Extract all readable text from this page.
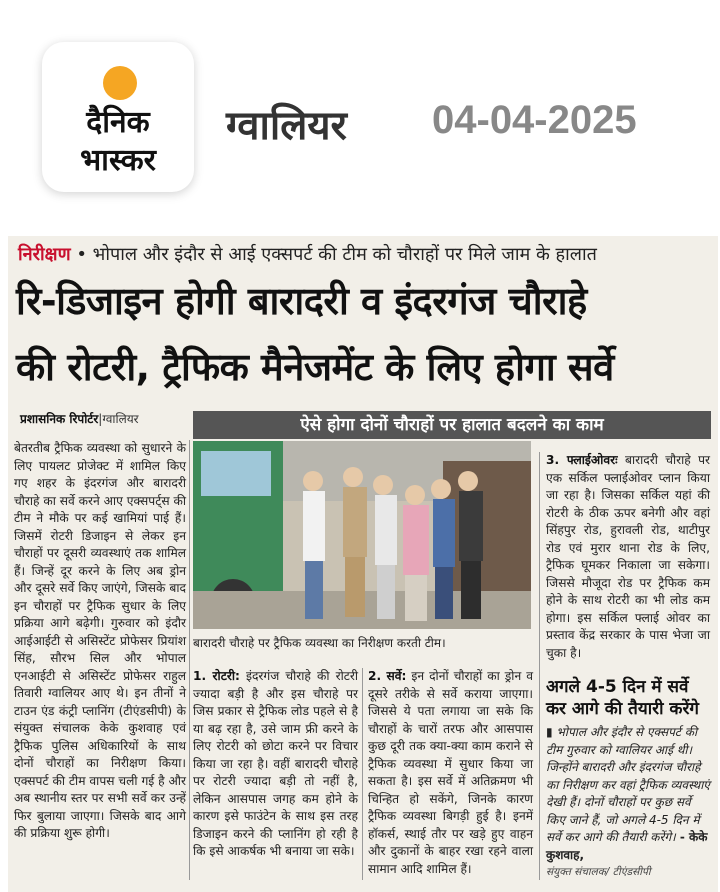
दैनिक
भास्कर
ग्वालियर 04-04-2025
निरीक्षण • भोपाल और इंदौर से आई एक्सपर्ट की टीम को चौराहों पर मिले जाम के हालात
रि-डिजाइन होगी बारादरी व इंदरगंज चौराहे
की रोटरी, ट्रैफिक मैनेजमेंट के लिए होगा सर्वे
प्रशासनिक रिपोर्टर|ग्वालियर	ऐसे होगा दोनों चौराहों पर हालात बदलने का काम
बारादरी चौराहे पर ट्रैफिक व्यवस्था का निरीक्षण करती टीम।
बेतरतीब ट्रैफिक व्यवस्था को सुधारने के लिए पायलट प्रोजेक्ट में शामिल किए गए शहर के इंदरगंज और बारादरी चौराहे का सर्वे करने आए एक्सपर्ट्स की टीम ने मौके पर कई खामियां पाई हैं। जिसमें रोटरी डिजाइन से लेकर इन चौराहों पर दूसरी व्यवस्थाएं तक शामिल हैं। जिन्हें दूर करने के लिए अब ड्रोन और दूसरे सर्वे किए जाएंगे, जिसके बाद इन चौराहों पर ट्रैफिक सुधार के लिए प्रक्रिया आगे बढ़ेगी। गुरुवार को इंदौर आईआईटी से असिस्टेंट प्रोफेसर प्रियांश सिंह, सौरभ सिल और भोपाल एनआईटी से असिस्टेंट प्रोफेसर राहुल तिवारी ग्वालियर आए थे। इन तीनों ने टाउन एंड कंट्री प्लानिंग (टीएंडसीपी) के संयुक्त संचालक केके कुशवाह एवं ट्रैफिक पुलिस अधिकारियों के साथ दोनों चौराहों का निरीक्षण किया। एक्सपर्ट की टीम वापस चली गई है और अब स्थानीय स्तर पर सभी सर्वे कर उन्हें फिर बुलाया जाएगा। जिसके बाद आगे की प्रक्रिया शुरू होगी।
1. रोटरी: इंदरगंज चौराहे की रोटरी ज्यादा बड़ी है और इस चौराहे पर जिस प्रकार से ट्रैफिक लोड पहले से है या बढ़ रहा है, उसे जाम फ्री करने के लिए रोटरी को छोटा करने पर विचार किया जा रहा है। वहीं बारादरी चौराहे पर रोटरी ज्यादा बड़ी तो नहीं है, लेकिन आसपास जगह कम होने के कारण इसे फाउंटेन के साथ इस तरह डिजाइन करने की प्लानिंग हो रही है कि इसे आकर्षक भी बनाया जा सके।
2. सर्वे: इन दोनों चौराहों का ड्रोन व दूसरे तरीके से सर्वे कराया जाएगा। जिससे ये पता लगाया जा सके कि चौराहों के चारों तरफ और आसपास कुछ दूरी तक क्या-क्या काम कराने से ट्रैफिक व्यवस्था में सुधार किया जा सकता है। इस सर्वे में अतिक्रमण भी चिन्हित हो सकेंगे, जिनके कारण ट्रैफिक व्यवस्था बिगड़ी हुई है। इनमें हॉकर्स, स्थाई तौर पर खड़े हुए वाहन और दुकानों के बाहर रखा रहने वाला सामान आदि शामिल हैं।
3. फ्लाईओवरः बारादरी चौराहे पर एक सर्किल फ्लाईओवर प्लान किया जा रहा है। जिसका सर्किल यहां की रोटरी के ठीक ऊपर बनेगी और वहां सिंहपुर रोड, हुरावली रोड, थाटीपुर रोड एवं मुरार थाना रोड के लिए, ट्रैफिक घूमकर निकाला जा सकेगा। जिससे मौजूदा रोड पर ट्रैफिक कम होने के साथ रोटरी का भी लोड कम होगा। इस सर्किल फ्लाई ओवर का प्रस्ताव केंद्र सरकार के पास भेजा जा चुका है।
अगले 4-5 दिन में सर्वे कर आगे की तैयारी करेंगे
▮ भोपाल और इंदौर से एक्सपर्ट की टीम गुरुवार को ग्वालियर आई थी। जिन्होंने बारादरी और इंदरगंज चौराहे का निरीक्षण कर वहां ट्रैफिक व्यवस्थाएं देखी हैं। दोनों चौराहों पर कुछ सर्वे किए जाने हैं, जो अगले 4-5 दिन में सर्वे कर आगे की तैयारी करेंगे। - केके कुशवाह,
संयुक्त संचालक/ टीएंडसीपी
